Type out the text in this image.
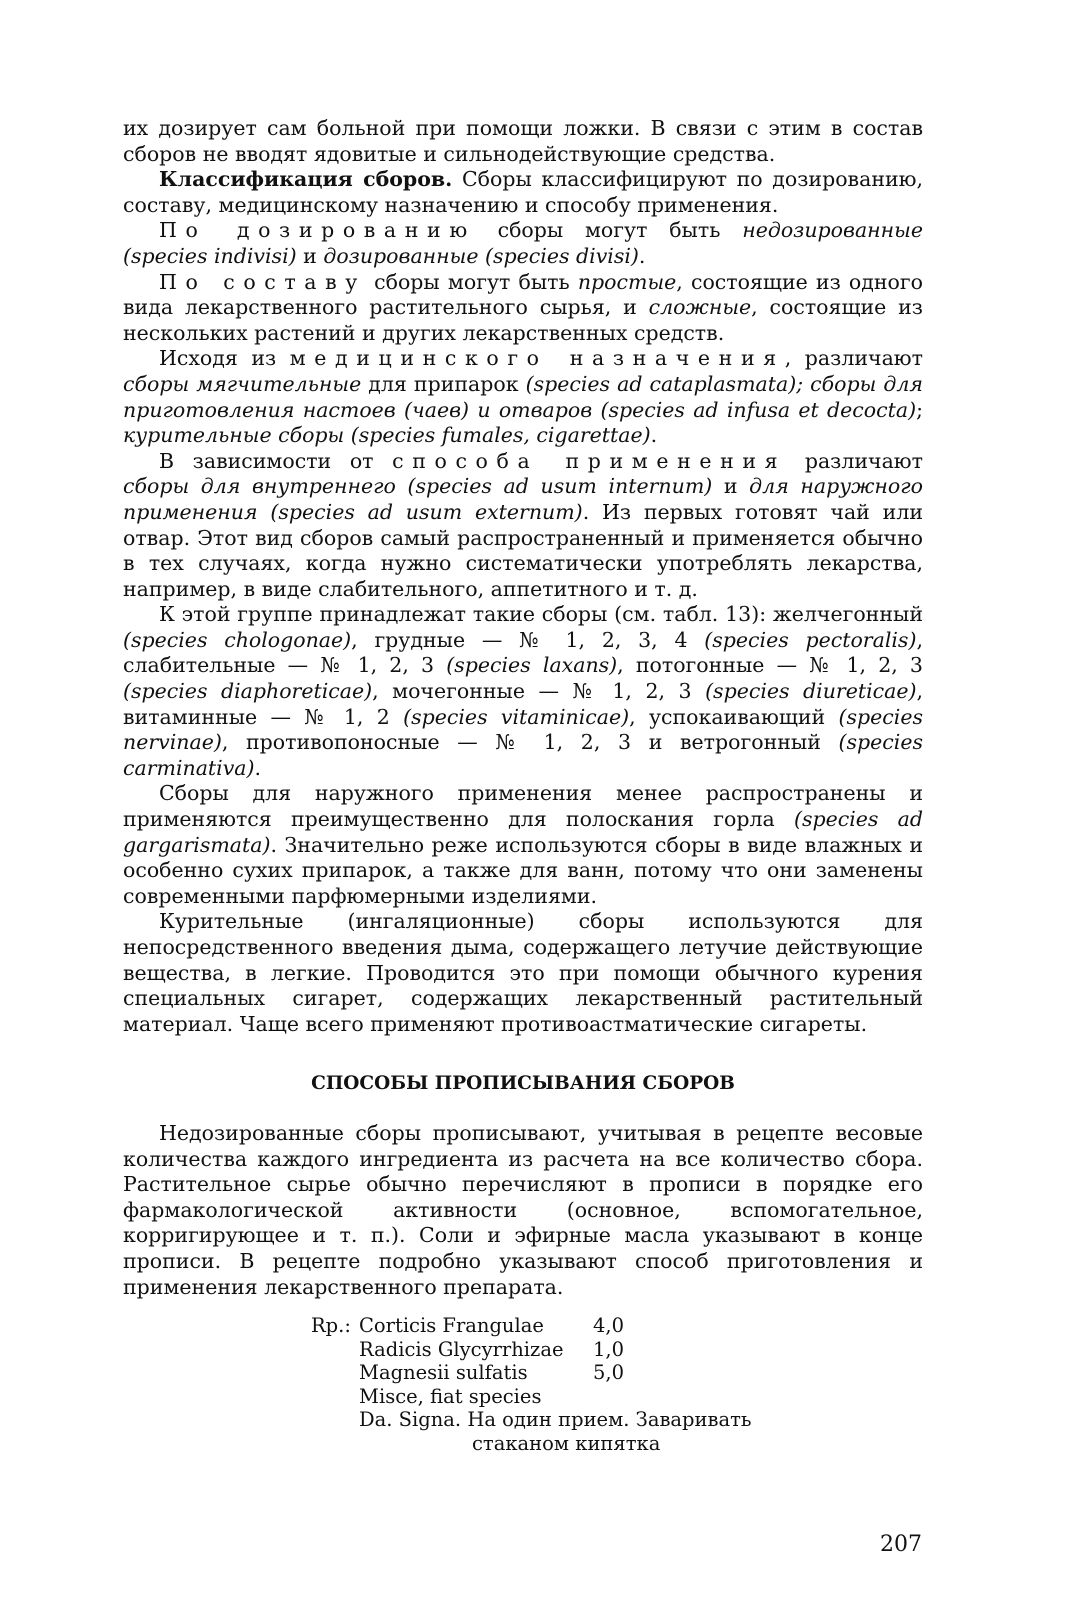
их дозирует сам больной при помощи ложки. В связи с этим в состав сборов не вводят ядовитые и сильнодействующие средства.

Классификация сборов. Сборы классифицируют по дозированию, составу, медицинскому назначению и способу применения.

По дозированию сборы могут быть недозированные (species indivisi) и дозированные (species divisi).

По составу сборы могут быть простые, состоящие из одного вида лекарственного растительного сырья, и сложные, состоящие из нескольких растений и других лекарственных средств.

Исходя из медицинского назначения, различают сборы мягчительные для припарок (species ad cataplasmata); сборы для приготовления настоев (чаев) и отваров (species ad infusa et decocta); курительные сборы (species fumales, cigarettae).

В зависимости от способа применения различают сборы для внутреннего (species ad usum internum) и для наружного применения (species ad usum externum). Из первых готовят чай или отвар. Этот вид сборов самый распространенный и применяется обычно в тех случаях, когда нужно систематически употреблять лекарства, например, в виде слабительного, аппетитного и т. д.

К этой группе принадлежат такие сборы (см. табл. 13): желчегонный (species chologonae), грудные — № 1, 2, 3, 4 (species pectoralis), слабительные — № 1, 2, 3 (species laxans), потогонные — № 1, 2, 3 (species diaphoreticae), мочегонные — № 1, 2, 3 (species diureticae), витаминные — № 1, 2 (species vitaminicae), успокаивающий (species nervinae), противопоносные — № 1, 2, 3 и ветрогонный (species carminativa).

Сборы для наружного применения менее распространены и применяются преимущественно для полоскания горла (species ad gargarismata). Значительно реже используются сборы в виде влажных и особенно сухих припарок, а также для ванн, потому что они заменены современными парфюмерными изделиями.

Курительные (ингаляционные) сборы используются для непосредственного введения дыма, содержащего летучие действующие вещества, в легкие. Проводится это при помощи обычного курения специальных сигарет, содержащих лекарственный растительный материал. Чаще всего применяют противоастматические сигареты.

СПОСОБЫ ПРОПИСЫВАНИЯ СБОРОВ

Недозированные сборы прописывают, учитывая в рецепте весовые количества каждого ингредиента из расчета на все количество сбора. Растительное сырье обычно перечисляют в прописи в порядке его фармакологической активности (основное, вспомогательное, корригирующее и т. п.). Соли и эфирные масла указывают в конце прописи. В рецепте подробно указывают способ приготовления и применения лекарственного препарата.

Rp.: Corticis Frangulae	4,0
Radicis Glycyrrhizae	1,0
Magnesii sulfatis	5,0
Misce, fiat species
Da. Signa. На один прием. Заваривать
стаканом кипятка
207
